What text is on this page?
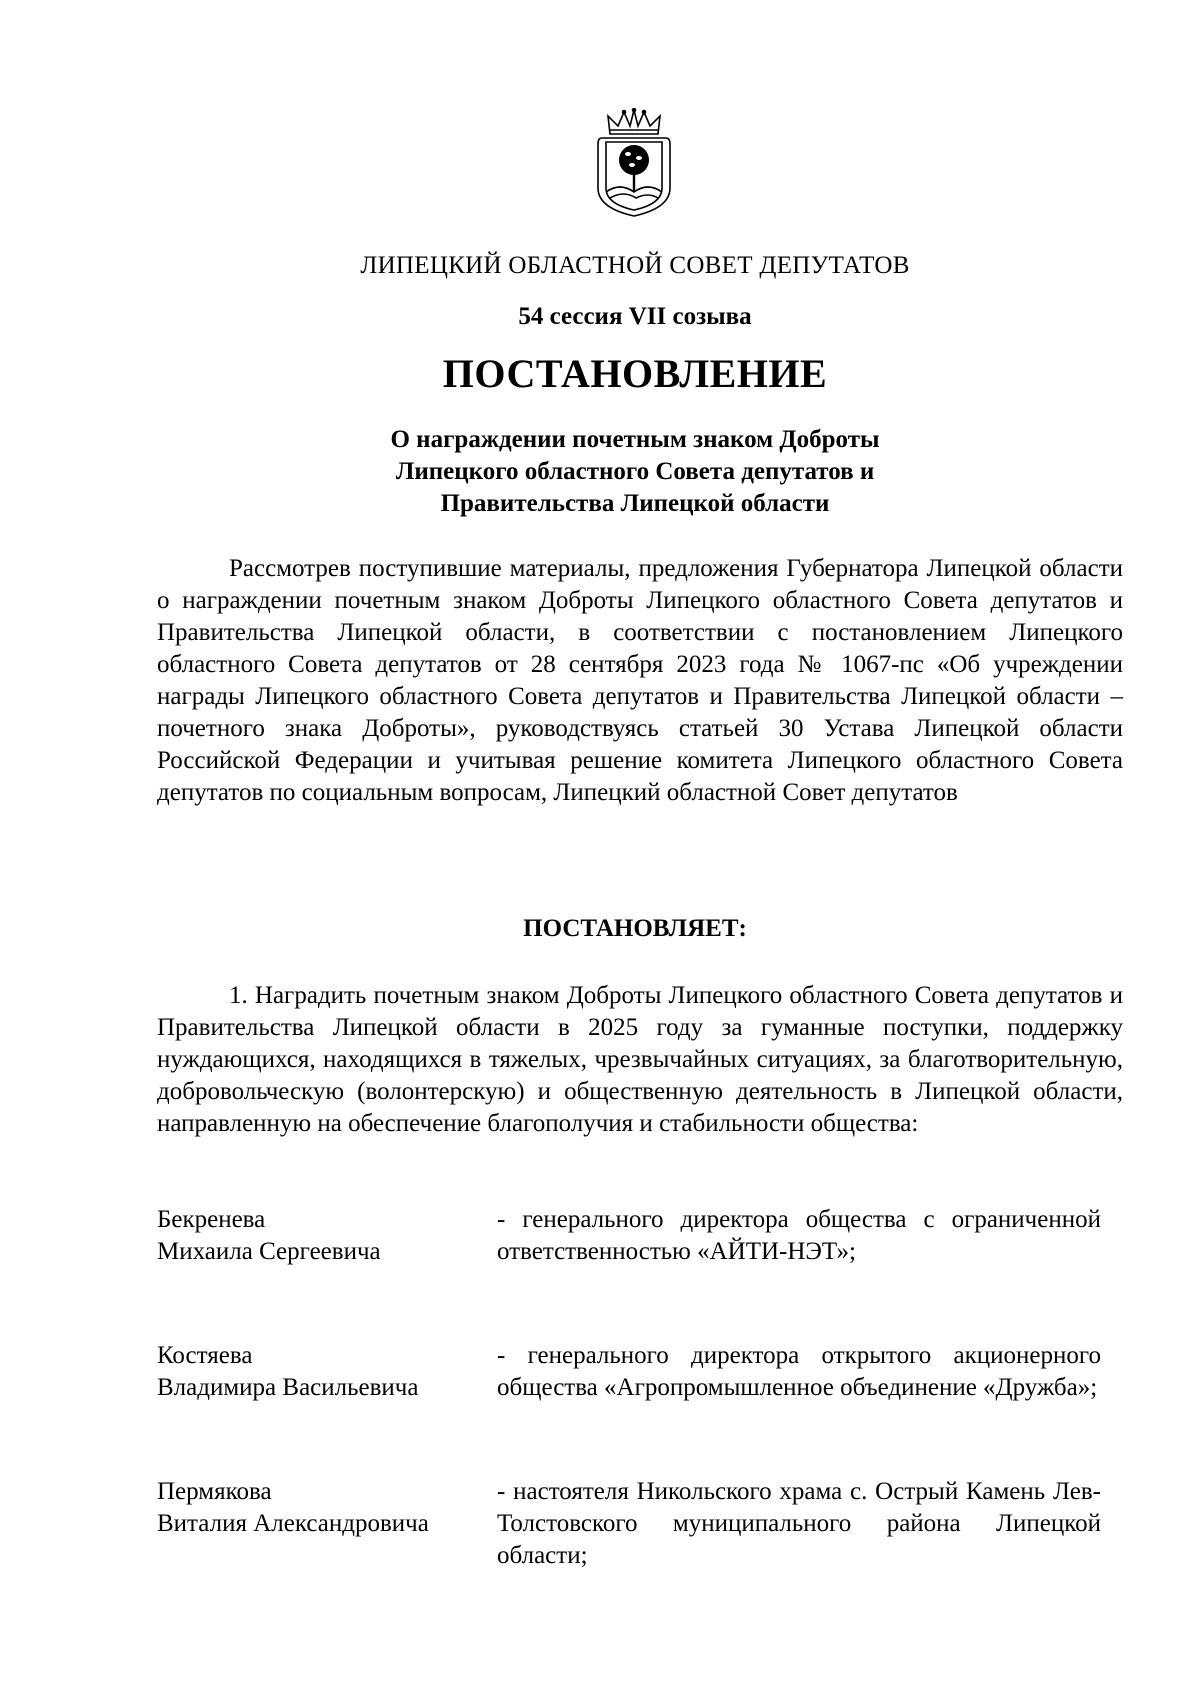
ЛИПЕЦКИЙ ОБЛАСТНОЙ СОВЕТ ДЕПУТАТОВ
54 сессия VII созыва
ПОСТАНОВЛЕНИЕ
О награждении почетным знаком Доброты
Липецкого областного Совета депутатов и
Правительства Липецкой области
Рассмотрев поступившие материалы, предложения Губернатора Липецкой области о награждении почетным знаком Доброты Липецкого областного Совета депутатов и Правительства Липецкой области, в соответствии с постановлением Липецкого областного Совета депутатов от 28 сентября 2023 года № 1067-пс «Об учреждении награды Липецкого областного Совета депутатов и Правительства Липецкой области – почетного знака Доброты», руководствуясь статьей 30 Устава Липецкой области Российской Федерации и учитывая решение комитета Липецкого областного Совета депутатов по социальным вопросам, Липецкий областной Совет депутатов
ПОСТАНОВЛЯЕТ:
1. Наградить почетным знаком Доброты Липецкого областного Совета депутатов и Правительства Липецкой области в 2025 году за гуманные поступки, поддержку нуждающихся, находящихся в тяжелых, чрезвычайных ситуациях, за благотворительную, добровольческую (волонтерскую) и общественную деятельность в Липецкой области, направленную на обеспечение благополучия и стабильности общества:
Бекренева
Михаила Сергеевича
- генерального директора общества с ограниченной ответственностью «АЙТИ-НЭТ»;
Костяева
Владимира Васильевича
- генерального директора открытого акционерного общества «Агропромышленное объединение «Дружба»;
Пермякова
Виталия Александровича
- настоятеля Никольского храма с. Острый Камень Лев-Толстовского муниципального района Липецкой области;
